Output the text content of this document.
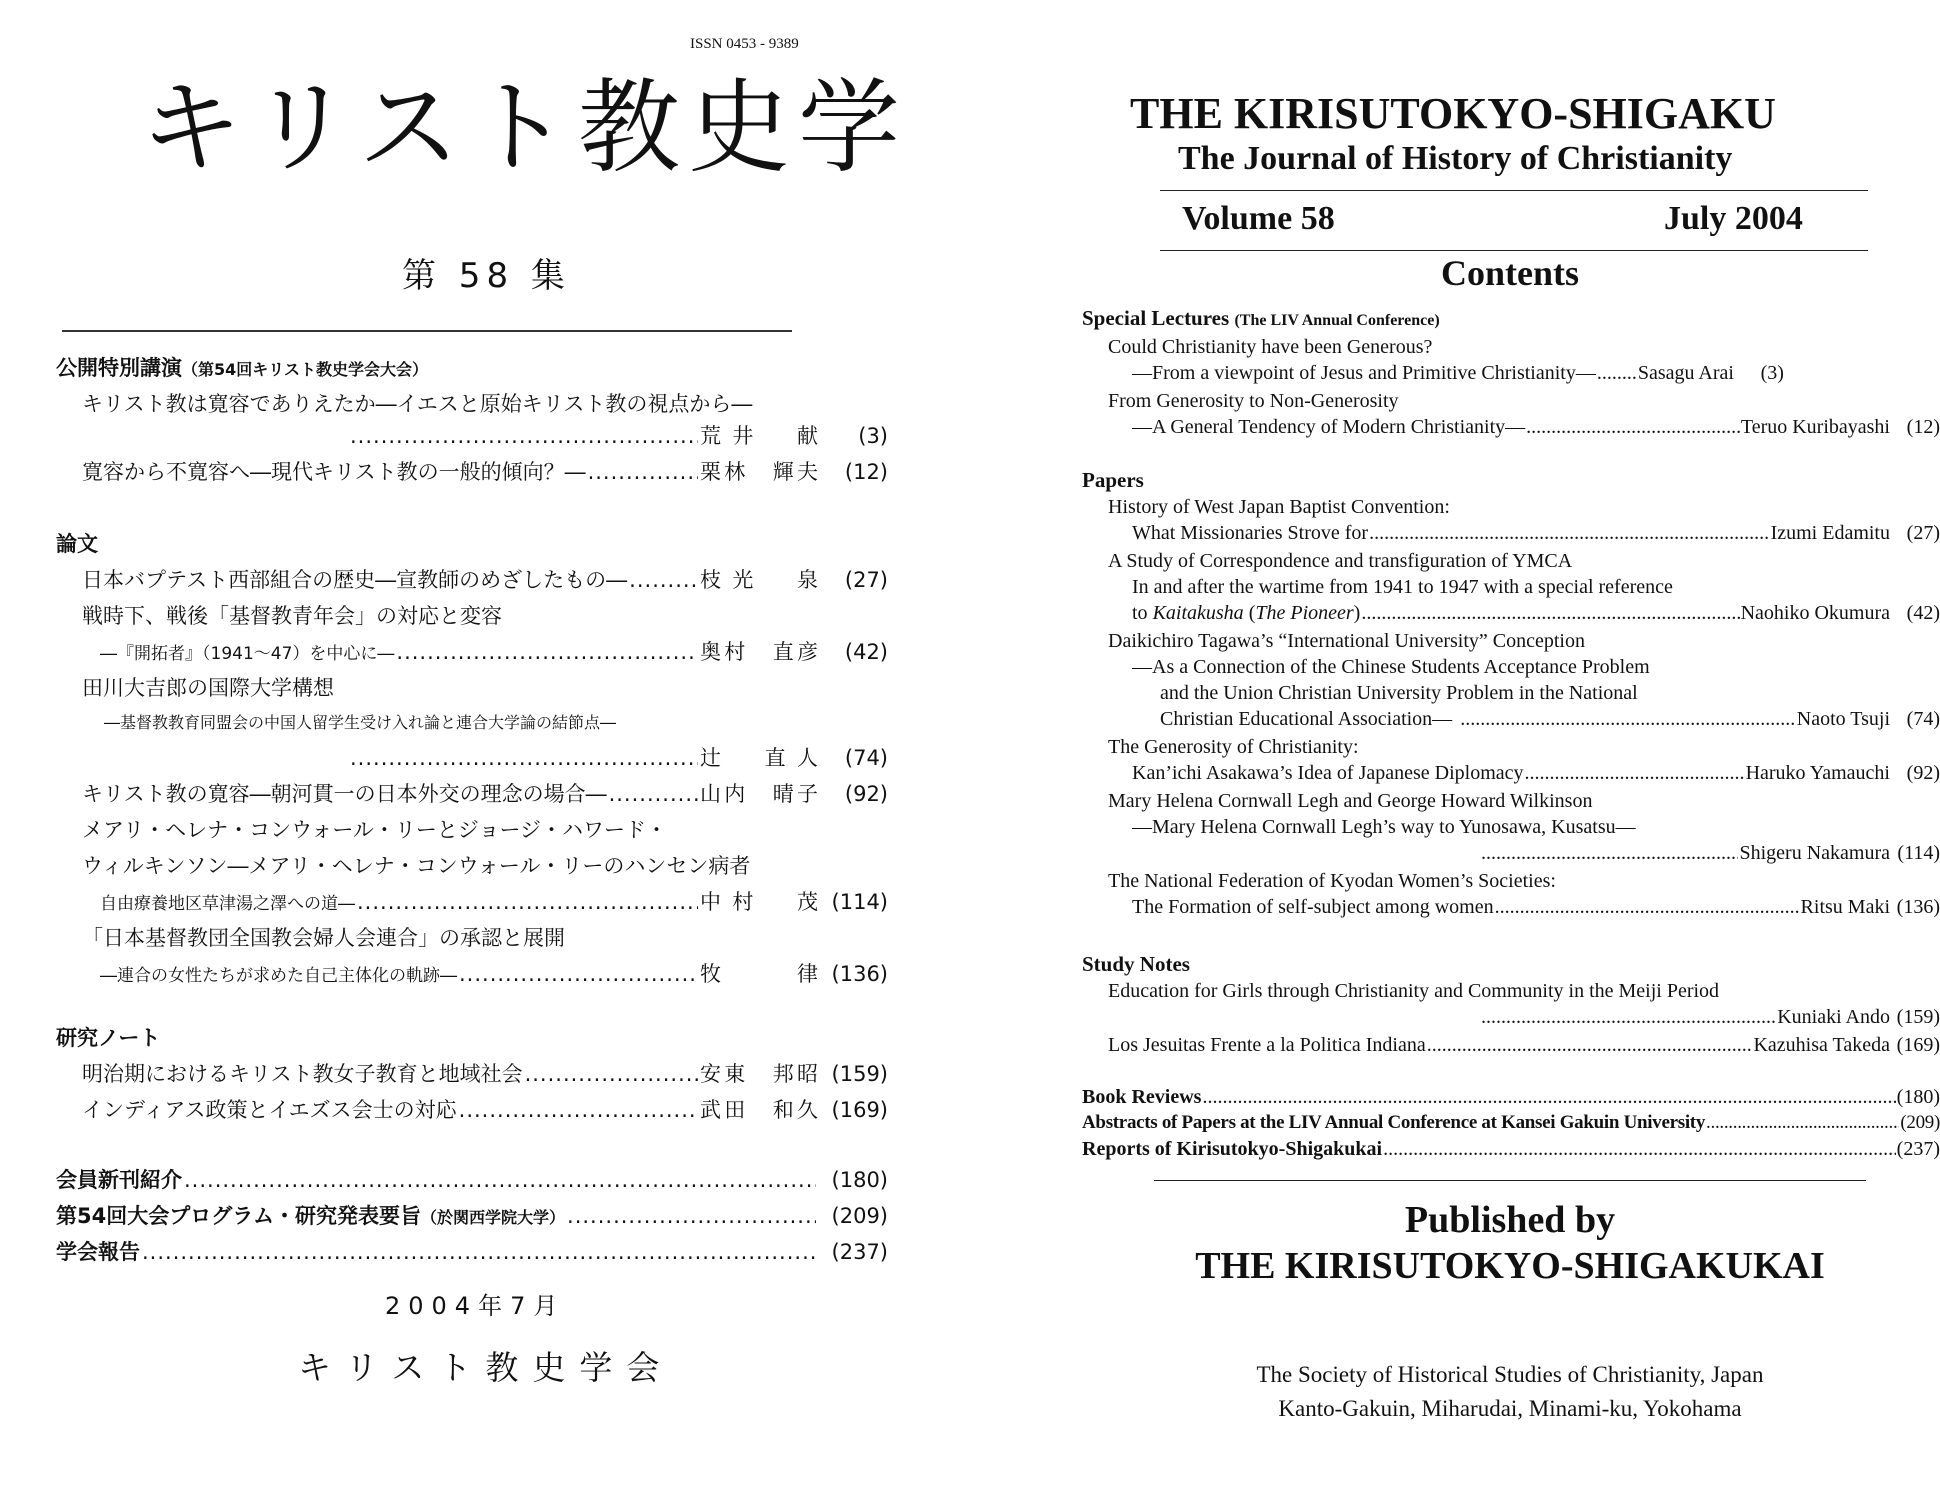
ISSN 0453 - 9389
キリスト教史学
第 58 集
公開特別講演（第54回キリスト教史学会大会）
キリスト教は寛容でありえたか―イエスと原始キリスト教の視点から―
.....
荒井　献	(3)
寛容から不寛容へ―現代キリスト教の一般的傾向？― .....	栗林　輝夫	(12)
論文
日本バプテスト西部組合の歴史―宣教師のめざしたもの― .....	枝光　泉	(27)
戦時下、戦後「基督教青年会」の対応と変容
―『開拓者』（1941～47）を中心に― .....	奥村　直彦	(42)
田川大吉郎の国際大学構想
―基督教教育同盟会の中国人留学生受け入れ論と連合大学論の結節点―
.....
辻　直人	(74)
キリスト教の寛容―朝河貫一の日本外交の理念の場合― .....	山内　晴子	(92)
メアリ・ヘレナ・コンウォール・リーとジョージ・ハワード・
ウィルキンソン―メアリ・ヘレナ・コンウォール・リーのハンセン病者
自由療養地区草津湯之澤への道― .....	中村　茂 (114)
「日本基督教団全国教会婦人会連合」の承認と展開
―連合の女性たちが求めた自己主体化の軌跡― .....	牧　律 (136)
研究ノート
明治期におけるキリスト教女子教育と地域社会 .....	安東　邦昭 (159)
インディアス政策とイエズス会士の対応 .....	武田　和久 (169)
会員新刊紹介 .....	(180)
第54回大会プログラム・研究発表要旨（於関西学院大学） .....	(209)
学会報告 .....	(237)
2004年7月
キリスト教史学会
THE KIRISUTOKYO-SHIGAKU
The Journal of History of Christianity
Volume 58	July 2004
Contents
Special Lectures (The LIV Annual Conference)
Could Christianity have been Generous?
—From a viewpoint of Jesus and Primitive Christianity— ..... Sasagu Arai	(3)
From Generosity to Non-Generosity
—A General Tendency of Modern Christianity— .....	Teruo Kuribayashi (12)
Papers
History of West Japan Baptist Convention:
What Missionaries Strove for .....	Izumi Edamitu (27)
A Study of Correspondence and transfiguration of YMCA
In and after the wartime from 1941 to 1947 with a special reference
to Kaitakusha (The Pioneer) .....	Naohiko Okumura (42)
Daikichiro Tagawa’s “International University” Conception
—As a Connection of the Chinese Students Acceptance Problem
and the Union Christian University Problem in the National
Christian Educational Association— .....	Naoto Tsuji (74)
The Generosity of Christianity:
Kan’ichi Asakawa’s Idea of Japanese Diplomacy .....	Haruko Yamauchi (92)
Mary Helena Cornwall Legh and George Howard Wilkinson
—Mary Helena Cornwall Legh’s way to Yunosawa, Kusatsu—
.....
Shigeru Nakamura (114)
The National Federation of Kyodan Women’s Societies:
The Formation of self-subject among women .....	Ritsu Maki (136)
Study Notes
Education for Girls through Christianity and Community in the Meiji Period
.....
Kuniaki Ando (159)
Los Jesuitas Frente a la Politica Indiana .....	Kazuhisa Takeda (169)
Book Reviews .....	(180)
Abstracts of Papers at the LIV Annual Conference at Kansei Gakuin University .....	(209)
Reports of Kirisutokyo-Shigakukai .....	(237)
Published by
THE KIRISUTOKYO-SHIGAKUKAI
The Society of Historical Studies of Christianity, Japan
Kanto-Gakuin, Miharudai, Minami-ku, Yokohama
